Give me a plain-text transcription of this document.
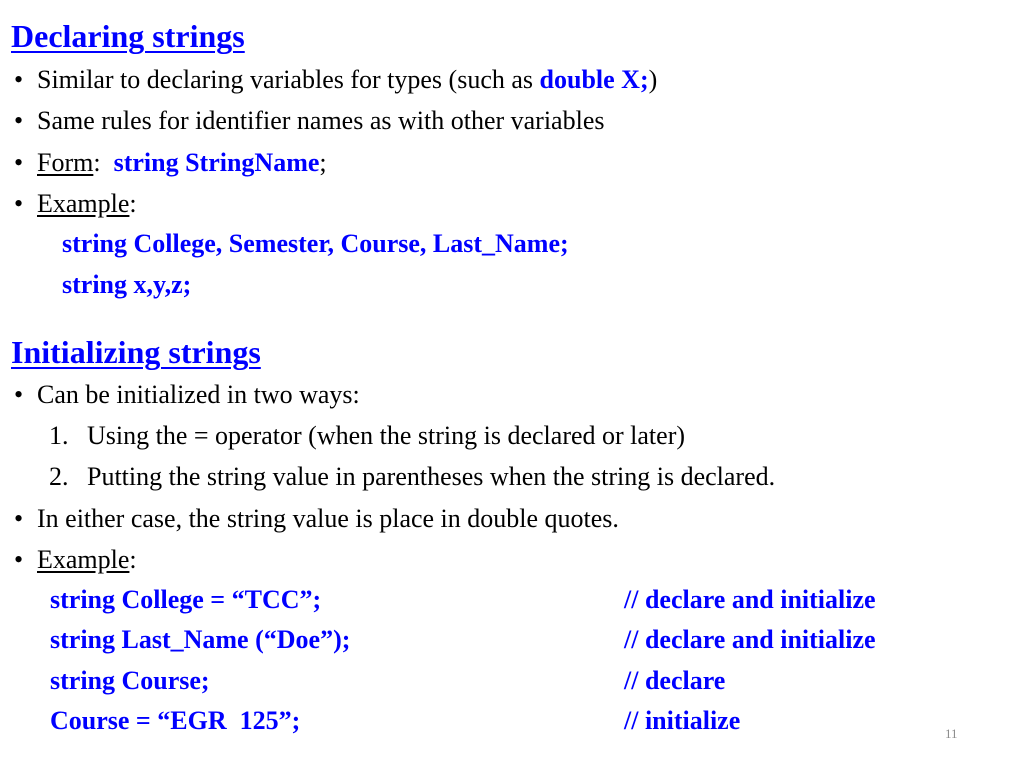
Declaring strings
• Similar to declaring variables for types (such as double X;)
• Same rules for identifier names as with other variables
• Form:  string StringName;
• Example:
string College, Semester, Course, Last_Name;
string x,y,z;
Initializing strings
• Can be initialized in two ways:
1. Using the = operator (when the string is declared or later)
2. Putting the string value in parentheses when the string is declared.
• In either case, the string value is place in double quotes.
• Example:
string College = “TCC”;	// declare and initialize
string Last_Name (“Doe”);	// declare and initialize
string Course;	// declare
Course = “EGR  125”;	// initialize	11
